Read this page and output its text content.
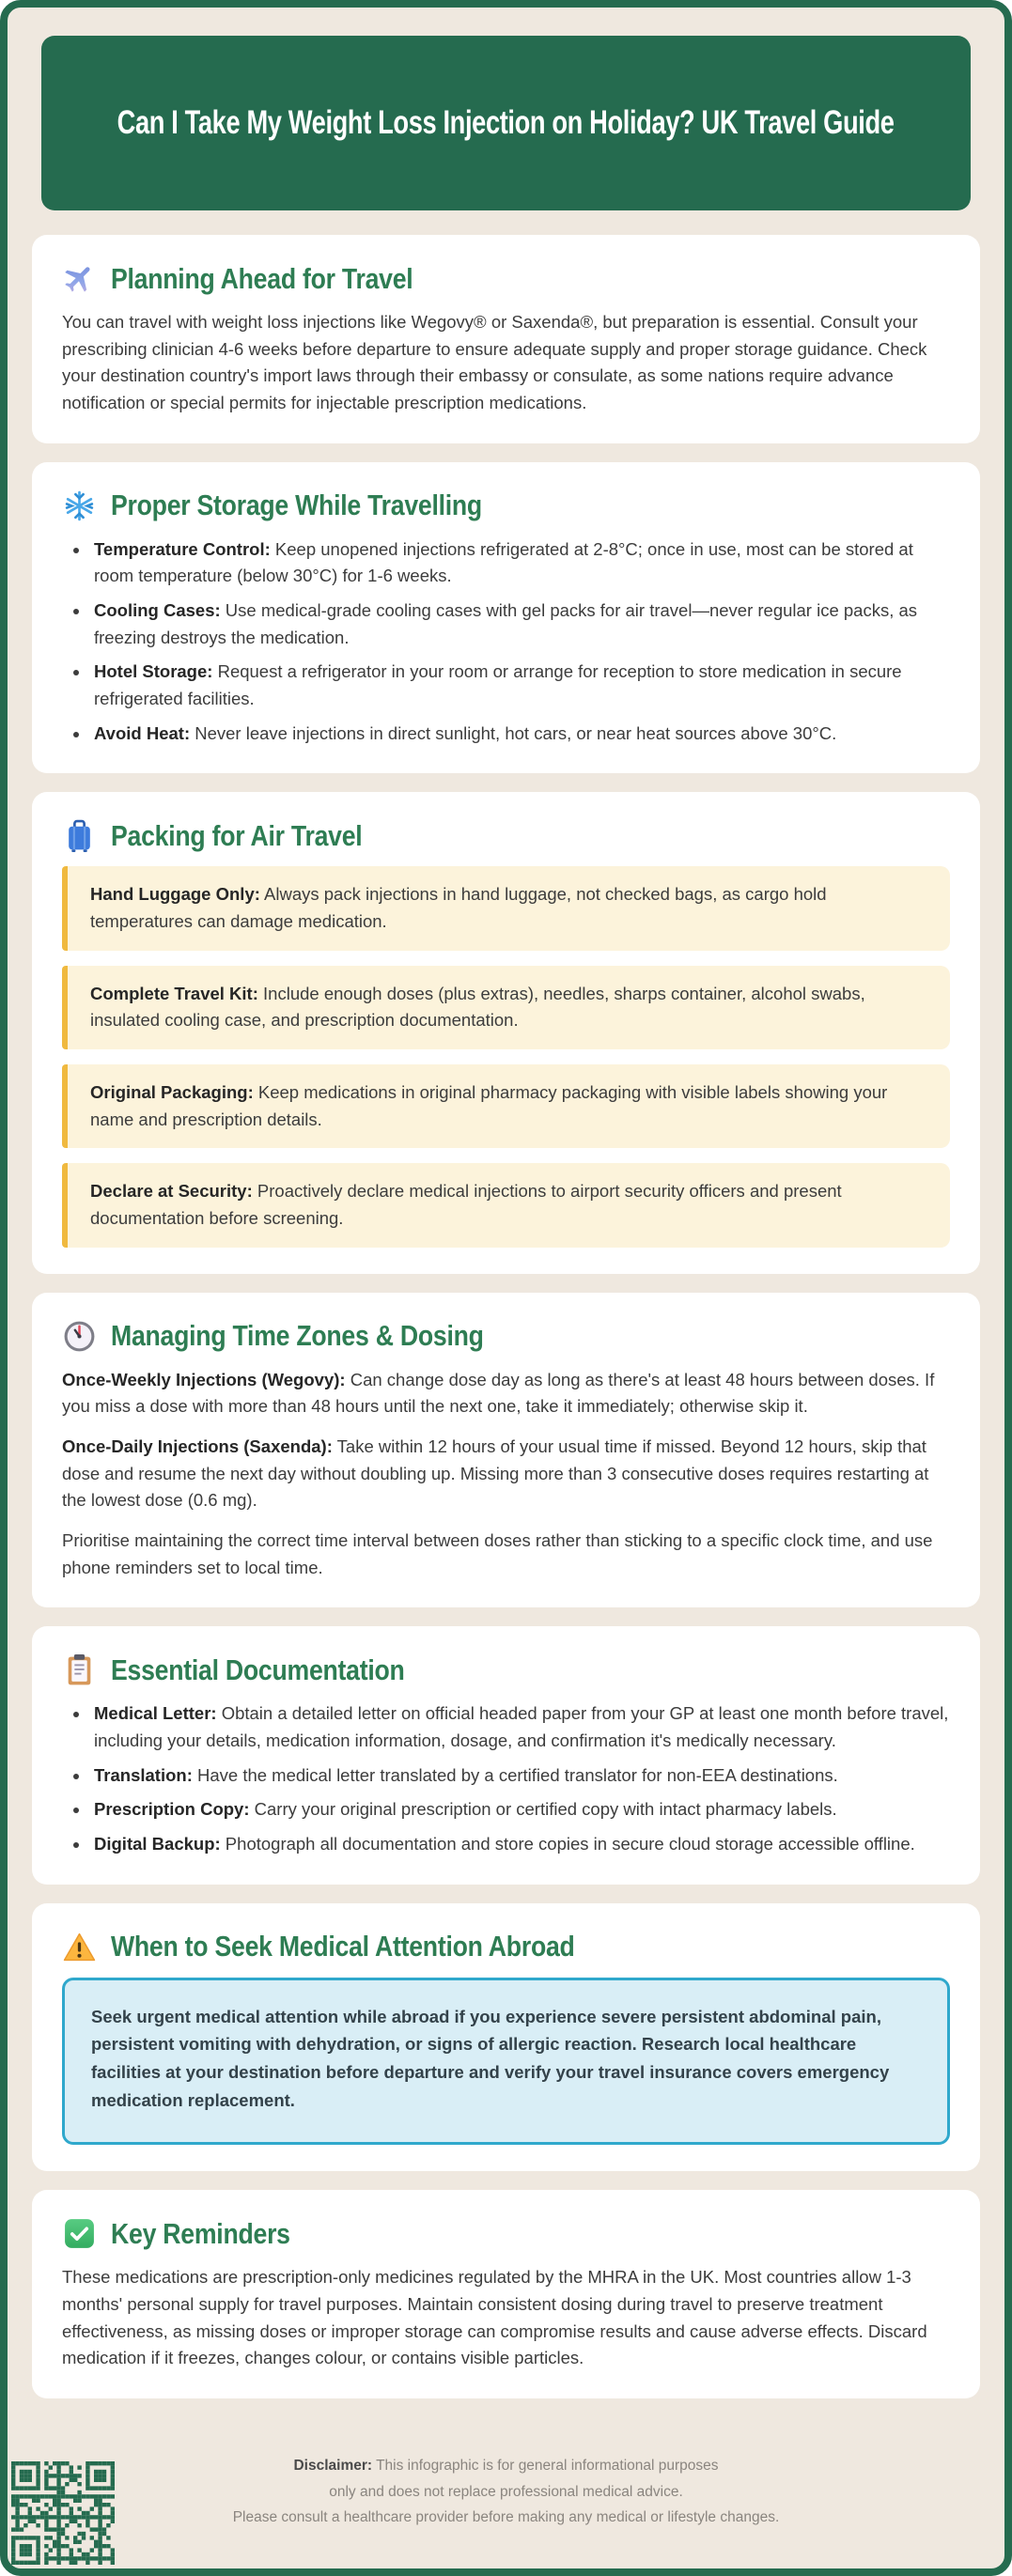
Can I Take My Weight Loss Injection on Holiday? UK Travel Guide
Planning Ahead for Travel

You can travel with weight loss injections like Wegovy® or Saxenda®, but preparation is essential. Consult your prescribing clinician 4-6 weeks before departure to ensure adequate supply and proper storage guidance. Check your destination country's import laws through their embassy or consulate, as some nations require advance notification or special permits for injectable prescription medications.

Proper Storage While Travelling
• Temperature Control: Keep unopened injections refrigerated at 2-8°C; once in use, most can be stored at room temperature (below 30°C) for 1-6 weeks.
• Cooling Cases: Use medical-grade cooling cases with gel packs for air travel—never regular ice packs, as freezing destroys the medication.
• Hotel Storage: Request a refrigerator in your room or arrange for reception to store medication in secure refrigerated facilities.
• Avoid Heat: Never leave injections in direct sunlight, hot cars, or near heat sources above 30°C.
Packing for Air Travel

Hand Luggage Only: Always pack injections in hand luggage, not checked bags, as cargo hold temperatures can damage medication.

Complete Travel Kit: Include enough doses (plus extras), needles, sharps container, alcohol swabs, insulated cooling case, and prescription documentation.

Original Packaging: Keep medications in original pharmacy packaging with visible labels showing your name and prescription details.

Declare at Security: Proactively declare medical injections to airport security officers and present documentation before screening.

Managing Time Zones & Dosing

Once-Weekly Injections (Wegovy): Can change dose day as long as there's at least 48 hours between doses. If you miss a dose with more than 48 hours until the next one, take it immediately; otherwise skip it.

Once-Daily Injections (Saxenda): Take within 12 hours of your usual time if missed. Beyond 12 hours, skip that dose and resume the next day without doubling up. Missing more than 3 consecutive doses requires restarting at the lowest dose (0.6 mg).

Prioritise maintaining the correct time interval between doses rather than sticking to a specific clock time, and use phone reminders set to local time.

Essential Documentation
• Medical Letter: Obtain a detailed letter on official headed paper from your GP at least one month before travel, including your details, medication information, dosage, and confirmation it's medically necessary.
• Translation: Have the medical letter translated by a certified translator for non-EEA destinations.
• Prescription Copy: Carry your original prescription or certified copy with intact pharmacy labels.
• Digital Backup: Photograph all documentation and store copies in secure cloud storage accessible offline.
When to Seek Medical Attention Abroad

Seek urgent medical attention while abroad if you experience severe persistent abdominal pain, persistent vomiting with dehydration, or signs of allergic reaction. Research local healthcare facilities at your destination before departure and verify your travel insurance covers emergency medication replacement.

Key Reminders

These medications are prescription-only medicines regulated by the MHRA in the UK. Most countries allow 1-3 months' personal supply for travel purposes. Maintain consistent dosing during travel to preserve treatment effectiveness, as missing doses or improper storage can compromise results and cause adverse effects. Discard medication if it freezes, changes colour, or contains visible particles.

Disclaimer: This infographic is for general informational purposes
only and does not replace professional medical advice.
Please consult a healthcare provider before making any medical or lifestyle changes.
